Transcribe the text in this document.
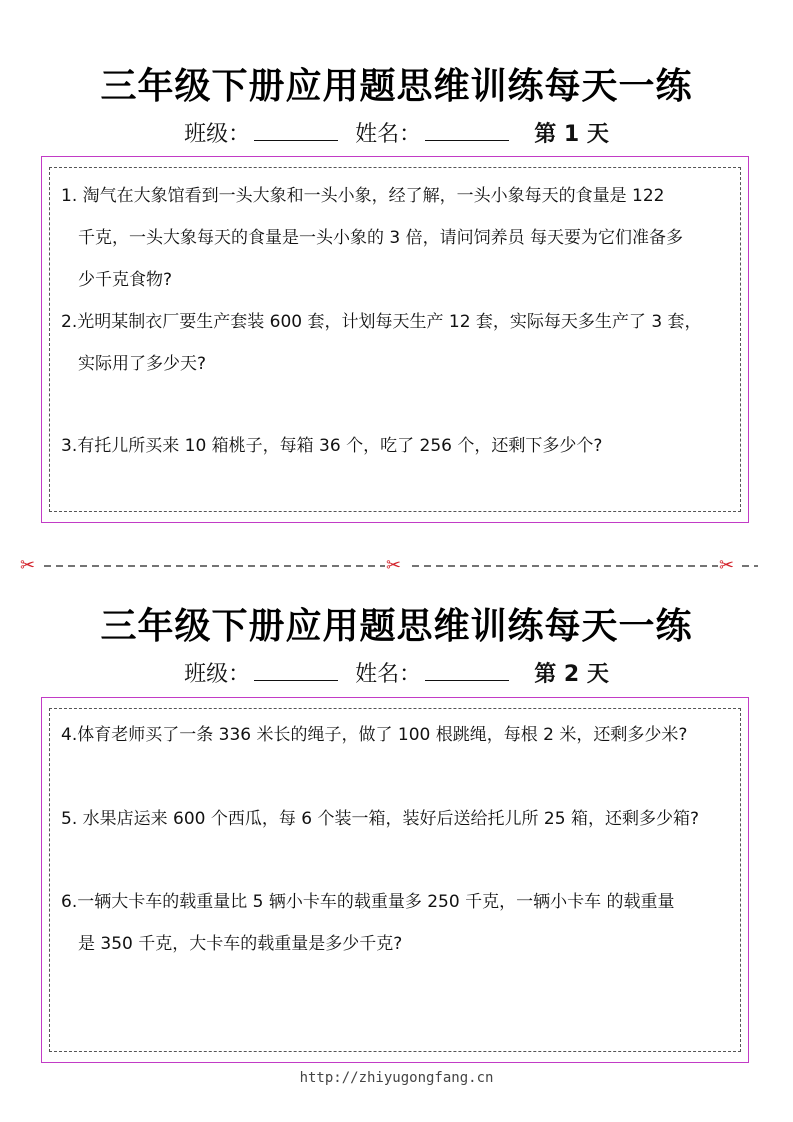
三年级下册应用题思维训练每天一练
班级：	姓名：	第 1 天
1. 淘气在大象馆看到一头大象和一头小象，经了解，一头小象每天的食量是 122
千克，一头大象每天的食量是一头小象的 3 倍，请问饲养员 每天要为它们准备多
少千克食物?
2.光明某制衣厂要生产套装 600 套，计划每天生产 12 套，实际每天多生产了 3 套，
实际用了多少天?
3.有托儿所买来 10 箱桃子，每箱 36 个，吃了 256 个，还剩下多少个?
✂	✂	✂
三年级下册应用题思维训练每天一练
班级：	姓名：	第 2 天
4.体育老师买了一条 336 米长的绳子，做了 100 根跳绳，每根 2 米，还剩多少米?
5. 水果店运来 600 个西瓜，每 6 个装一箱，装好后送给托儿所 25 箱，还剩多少箱?
6.一辆大卡车的载重量比 5 辆小卡车的载重量多 250 千克，一辆小卡车 的载重量
是 350 千克，大卡车的载重量是多少千克?
http://zhiyugongfang.cn
